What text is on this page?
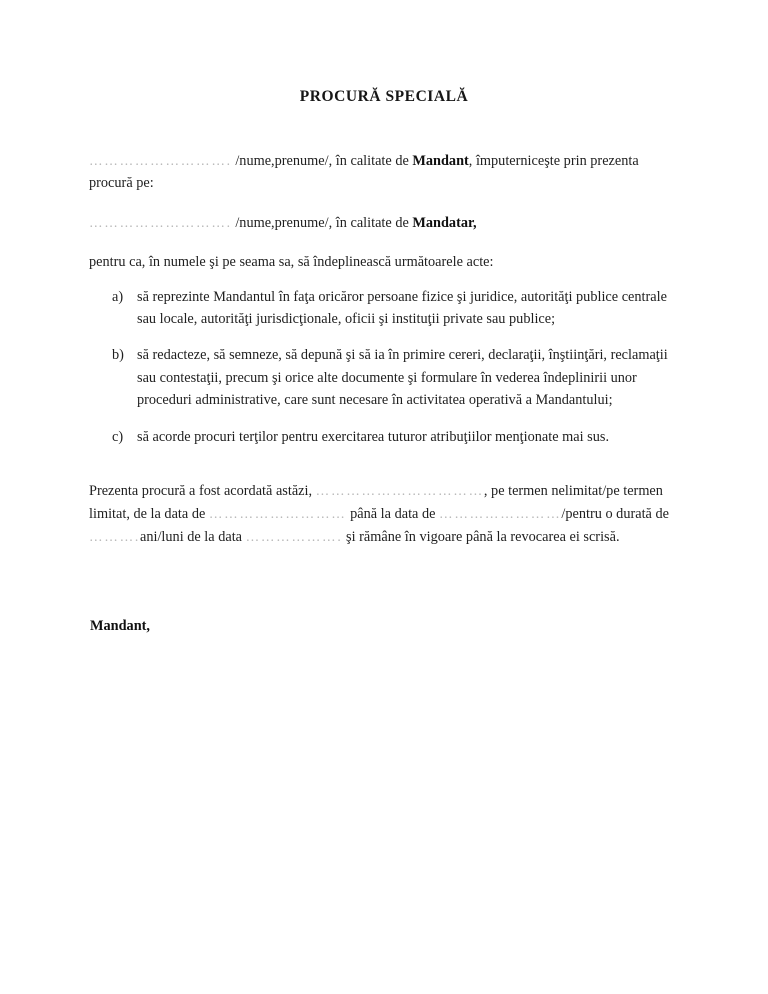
PROCURĂ SPECIALĂ

………………………. /nume,prenume/, în calitate de Mandant, împuterniceşte prin prezenta procură pe:

………………………. /nume,prenume/, în calitate de Mandatar,

pentru ca, în numele şi pe seama sa, să îndeplinească următoarele acte:

a) să reprezinte Mandantul în faţa oricăror persoane fizice şi juridice, autorităţi publice centrale sau locale, autorităţi jurisdicţionale, oficii şi instituţii private sau publice;
b) să redacteze, să semneze, să depună şi să ia în primire cereri, declaraţii, înştiinţări, reclamaţii sau contestaţii, precum şi orice alte documente şi formulare în vederea îndeplinirii unor proceduri administrative, care sunt necesare în activitatea operativă a Mandantului;
c) să acorde procuri terţilor pentru exercitarea tuturor atribuţiilor menţionate mai sus.

Prezenta procură a fost acordată astăzi, ……………………………, pe termen nelimitat/pe termen limitat, de la data de ……………………… până la data de ……………………/pentru o durată de ……….ani/luni de la data ………………. şi rămâne în vigoare până la revocarea ei scrisă.

Mandant,
